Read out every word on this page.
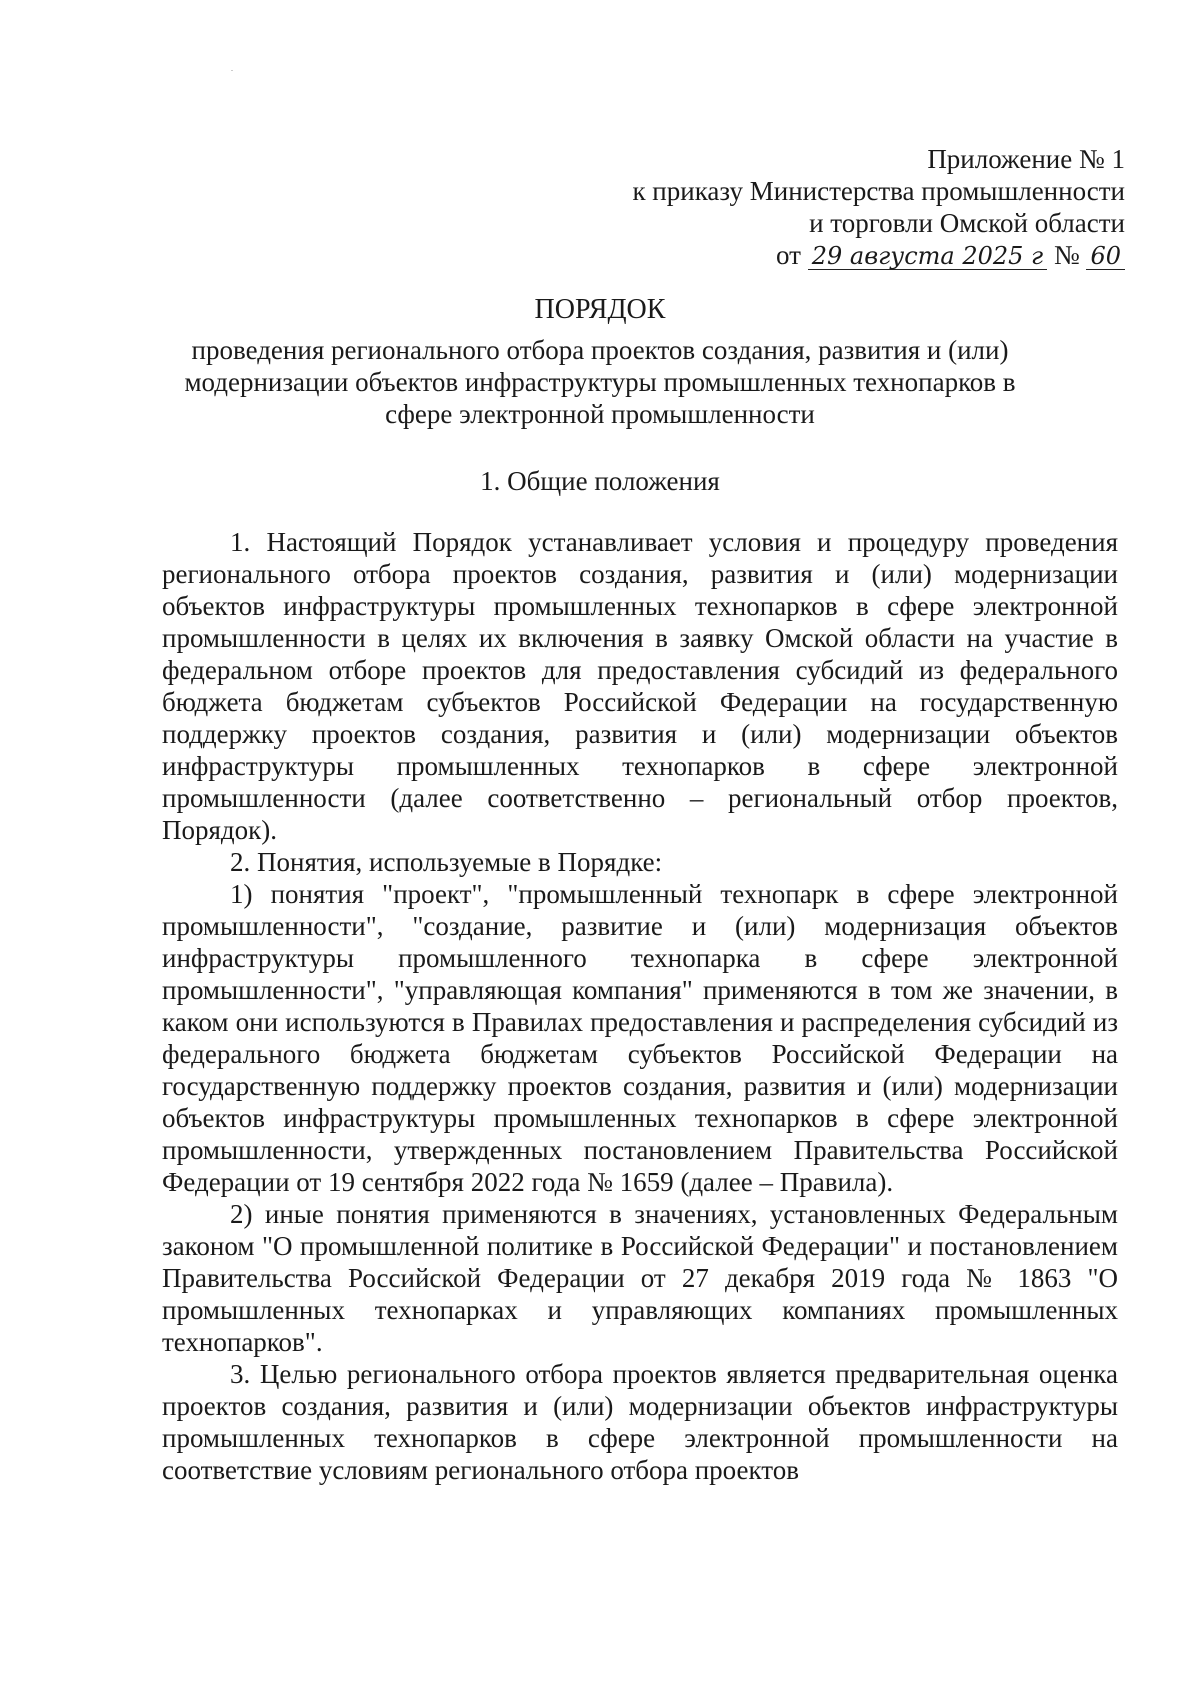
Приложение № 1
к приказу Министерства промышленности
и торговли Омской области
от 29 августа 2025 г № 60
ПОРЯДОК
проведения регионального отбора проектов создания, развития и (или) модернизации объектов инфраструктуры промышленных технопарков в сфере электронной промышленности
1. Общие положения

1. Настоящий Порядок устанавливает условия и процедуру проведения регионального отбора проектов создания, развития и (или) модернизации объектов инфраструктуры промышленных технопарков в сфере электронной промышленности в целях их включения в заявку Омской области на участие в федеральном отборе проектов для предоставления субсидий из федерального бюджета бюджетам субъектов Российской Федерации на государственную поддержку проектов создания, развития и (или) модернизации объектов инфраструктуры промышленных технопарков в сфере электронной промышленности (далее соответственно – региональный отбор проектов, Порядок).

2. Понятия, используемые в Порядке:

1) понятия "проект", "промышленный технопарк в сфере электронной промышленности", "создание, развитие и (или) модернизация объектов инфраструктуры промышленного технопарка в сфере электронной промышленности", "управляющая компания" применяются в том же значении, в каком они используются в Правилах предоставления и распределения субсидий из федерального бюджета бюджетам субъектов Российской Федерации на государственную поддержку проектов создания, развития и (или) модернизации объектов инфраструктуры промышленных технопарков в сфере электронной промышленности, утвержденных постановлением Правительства Российской Федерации от 19 сентября 2022 года № 1659 (далее – Правила).

2) иные понятия применяются в значениях, установленных Федеральным законом "О промышленной политике в Российской Федерации" и постановлением Правительства Российской Федерации от 27 декабря 2019 года № 1863 "О промышленных технопарках и управляющих компаниях промышленных технопарков".

3. Целью регионального отбора проектов является предварительная оценка проектов создания, развития и (или) модернизации объектов инфраструктуры промышленных технопарков в сфере электронной промышленности на соответствие условиям регионального отбора проектов
